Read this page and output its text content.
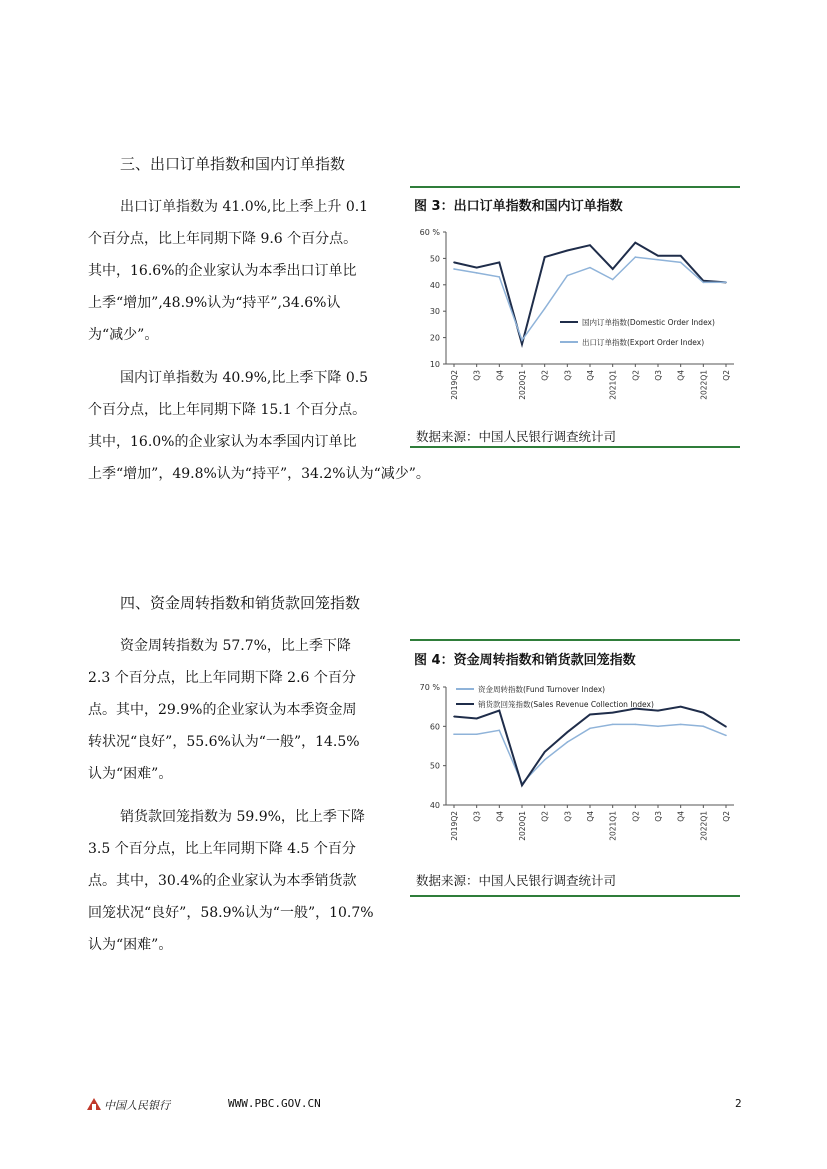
三、出口订单指数和国内订单指数
出口订单指数为 41.0%,比上季上升 0.1
个百分点，比上年同期下降 9.6 个百分点。
其中，16.6%的企业家认为本季出口订单比
上季“增加”,48.9%认为“持平”,34.6%认
为“减少”。
国内订单指数为 40.9%,比上季下降 0.5
个百分点，比上年同期下降 15.1 个百分点。
其中，16.0%的企业家认为本季国内订单比
上季“增加”，49.8%认为“持平”，34.2%认为“减少”。
图 3：出口订单指数和国内订单指数
10
20
30
40
50
60 %
2019Q2 Q3 Q4 2020Q1 Q2 Q3 Q4 2021Q1 Q2 Q3 Q4 2022Q1 Q2
国内订单指数(Domestic Order Index)
出口订单指数(Export Order Index)
数据来源：中国人民银行调查统计司
四、资金周转指数和销货款回笼指数
资金周转指数为 57.7%，比上季下降
2.3 个百分点，比上年同期下降 2.6 个百分
点。其中，29.9%的企业家认为本季资金周
转状况“良好”，55.6%认为“一般”，14.5%
认为“困难”。
销货款回笼指数为 59.9%，比上季下降
3.5 个百分点，比上年同期下降 4.5 个百分
点。其中，30.4%的企业家认为本季销货款
回笼状况“良好”，58.9%认为“一般”，10.7%
认为“困难”。
图 4：资金周转指数和销货款回笼指数
40
50
60
70 %
2019Q2 Q3 Q4 2020Q1 Q2 Q3 Q4 2021Q1 Q2 Q3 Q4 2022Q1 Q2
资金周转指数(Fund Turnover Index)
销货款回笼指数(Sales Revenue Collection Index)
数据来源：中国人民银行调查统计司
中国人民银行	WWW.PBC.GOV.CN	2
